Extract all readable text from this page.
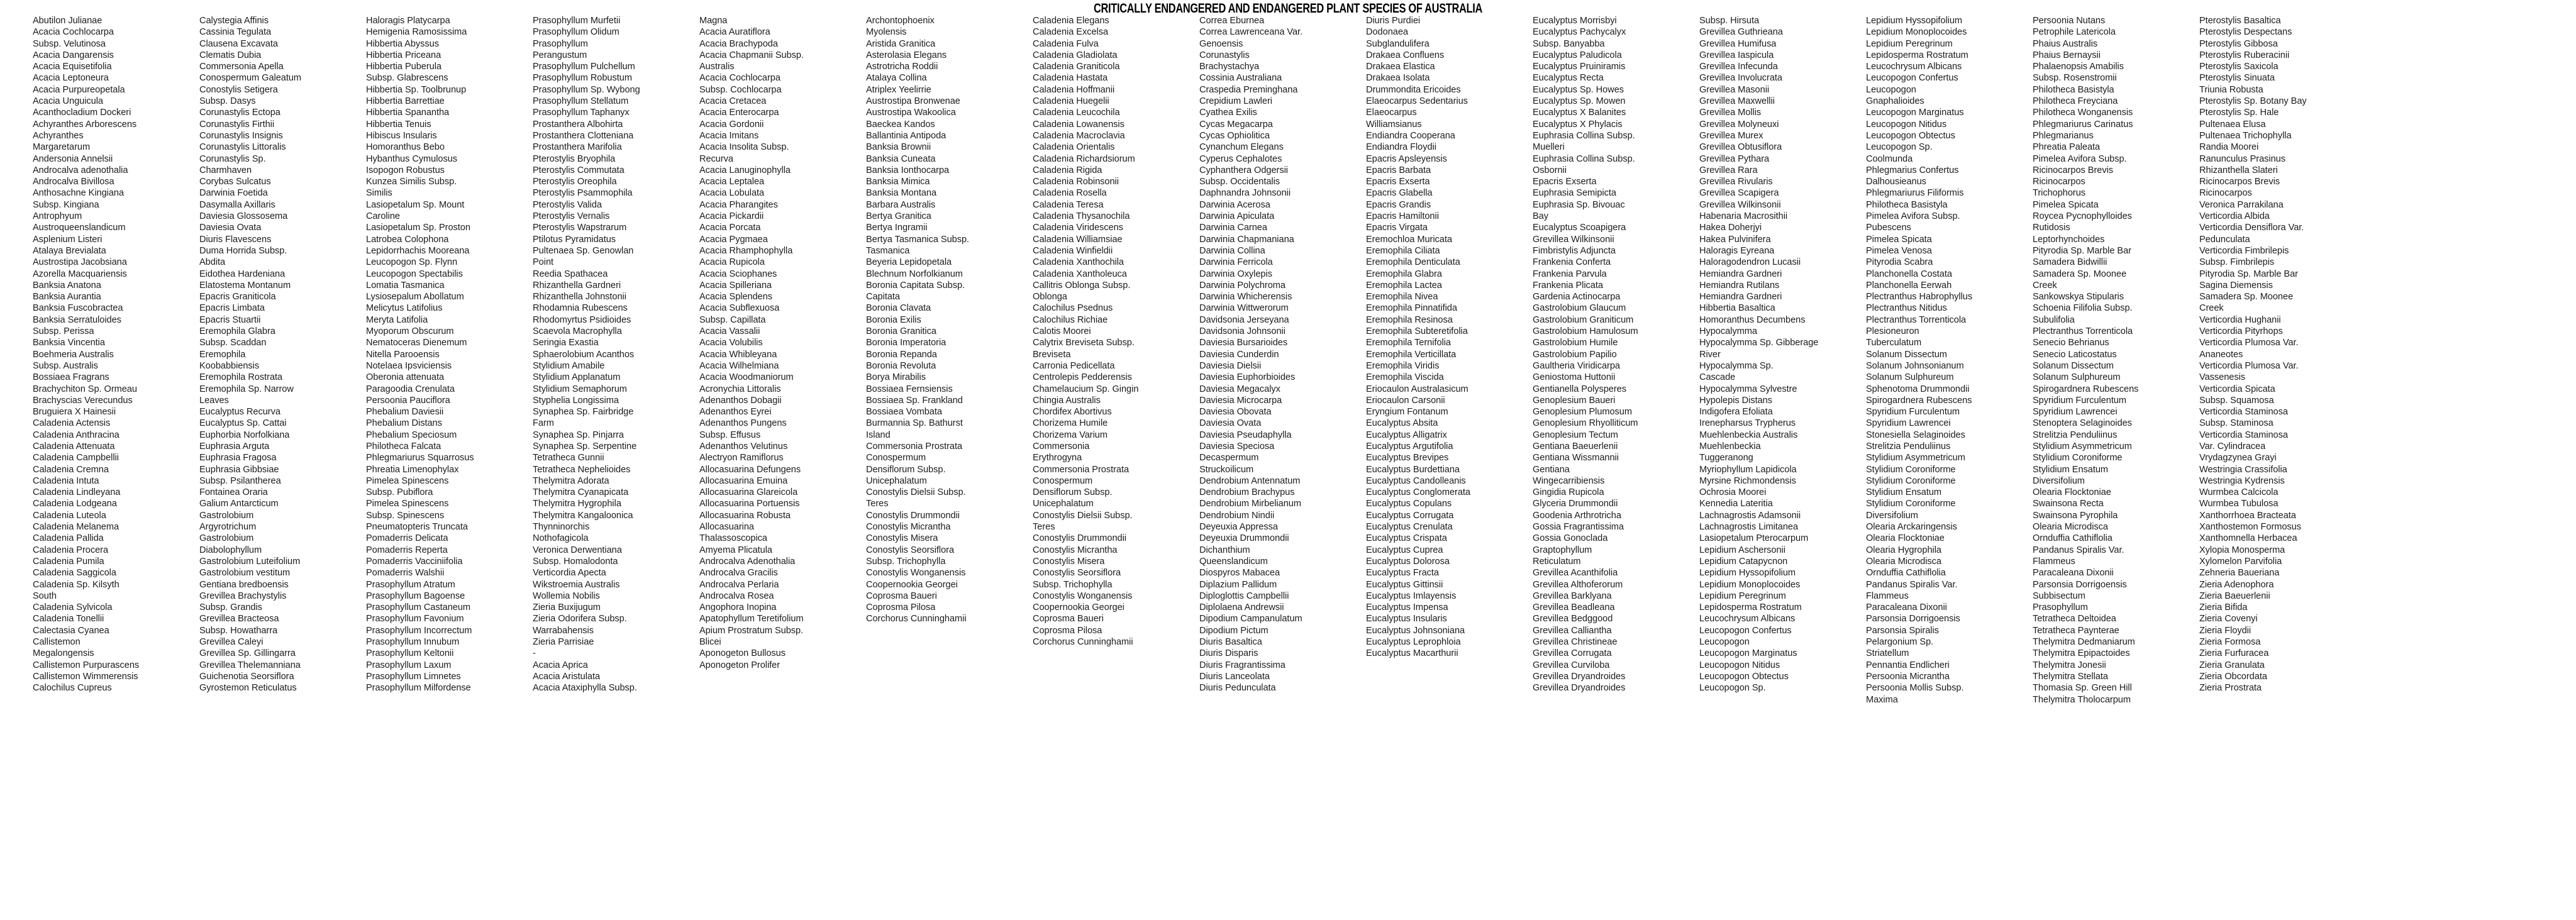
CRITICALLY ENDANGERED AND ENDANGERED PLANT SPECIES OF AUSTRALIA
Abutilon Julianae
Acacia Cochlocarpa
Subsp. Velutinosa
Acacia Dangarensis
Acacia Equisetifolia
Acacia Leptoneura
Acacia Purpureopetala
Acacia Unguicula
Acanthocladium Dockeri
Achyranthes Arborescens
Achyranthes
Margaretarum
Andersonia Annelsii
Androcalva adenothalia
Androcalva Bivillosa
Anthosachne Kingiana
Subsp. Kingiana
Antrophyum
Austroqueenslandicum
Asplenium Listeri
Atalaya Brevialata
Austrostipa Jacobsiana
Azorella Macquariensis
Banksia Anatona
Banksia Aurantia
Banksia Fuscobractea
Banksia Serratuloides
Subsp. Perissa
Banksia Vincentia
Boehmeria Australis
Subsp. Australis
Bossiaea Fragrans
Brachychiton Sp. Ormeau
Brachyscias Verecundus
Bruguiera X Hainesii
Caladenia Actensis
Caladenia Anthracina
Caladenia Attenuata
Caladenia Campbellii
Caladenia Cremna
Caladenia Intuta
Caladenia Lindleyana
Caladenia Lodgeana
Caladenia Luteola
Caladenia Melanema
Caladenia Pallida
Caladenia Procera
Caladenia Pumila
Caladenia Saggicola
Caladenia Sp. Kilsyth
South
Caladenia Sylvicola
Caladenia Tonellii
Calectasia Cyanea
Callistemon
Megalongensis
Callistemon Purpurascens
Callistemon Wimmerensis
Calochilus Cupreus
Calystegia Affinis
Cassinia Tegulata
Clausena Excavata
Clematis Dubia
Commersonia Apella
Conospermum Galeatum
Conostylis Setigera
Subsp. Dasys
Corunastylis Ectopa
Corunastylis Firthii
Corunastylis Insignis
Corunastylis Littoralis
Corunastylis Sp.
Charmhaven
Corybas Sulcatus
Darwinia Foetida
Dasymalla Axillaris
Daviesia Glossosema
Daviesia Ovata
Diuris Flavescens
Duma Horrida Subsp.
Abdita
Eidothea Hardeniana
Elatostema Montanum
Epacris Graniticola
Epacris Limbata
Epacris Stuartii
Eremophila Glabra
Subsp. Scaddan
Eremophila
Koobabbiensis
Eremophila Rostrata
Eremophila Sp. Narrow
Leaves
Eucalyptus Recurva
Eucalyptus Sp. Cattai
Euphorbia Norfolkiana
Euphrasia Arguta
Euphrasia Fragosa
Euphrasia Gibbsiae
Subsp. Psilantherea
Fontainea Oraria
Galium Antarcticum
Gastrolobium
Argyrotrichum
Gastrolobium
Diabolophyllum
Gastrolobium Luteifolium
Gastrolobium vestitum
Gentiana bredboensis
Grevillea Brachystylis
Subsp. Grandis
Grevillea Bracteosa
Subsp. Howatharra
Grevillea Caleyi
Grevillea Sp. Gillingarra
Grevillea Thelemanniana
Guichenotia Seorsiflora
Gyrostemon Reticulatus
Haloragis Platycarpa
Hemigenia Ramosissima
Hibbertia Abyssus
Hibbertia Priceana
Hibbertia Puberula
Subsp. Glabrescens
Hibbertia Sp. Toolbrunup
Hibbertia Barrettiae
Hibbertia Spanantha
Hibbertia Tenuis
Hibiscus Insularis
Homoranthus Bebo
Hybanthus Cymulosus
Isopogon Robustus
Kunzea Similis Subsp.
Similis
Lasiopetalum Sp. Mount
Caroline
Lasiopetalum Sp. Proston
Latrobea Colophona
Lepidorrhachis Mooreana
Leucopogon Sp. Flynn
Leucopogon Spectabilis
Lomatia Tasmanica
Lysiosepalum Abollatum
Melicytus Latifolius
Meryta Latifolia
Myoporum Obscurum
Nematoceras Dienemum
Nitella Parooensis
Notelaea Ipsviciensis
Oberonia attenuata
Paragoodia Crenulata
Persoonia Pauciflora
Phebalium Daviesii
Phebalium Distans
Phebalium Speciosum
Philotheca Falcata
Phlegmariurus Squarrosus
Phreatia Limenophylax
Pimelea Spinescens
Subsp. Pubiflora
Pimelea Spinescens
Subsp. Spinescens
Pneumatopteris Truncata
Pomaderris Delicata
Pomaderris Reperta
Pomaderris Vacciniifolia
Pomaderris Walshii
Prasophyllum Atratum
Prasophyllum Bagoense
Prasophyllum Castaneum
Prasophyllum Favonium
Prasophyllum Incorrectum
Prasophyllum Innubum
Prasophyllum Keltonii
Prasophyllum Laxum
Prasophyllum Limnetes
Prasophyllum Milfordense
Prasophyllum Murfetii
Prasophyllum Olidum
Prasophyllum
Perangustum
Prasophyllum Pulchellum
Prasophyllum Robustum
Prasophyllum Sp. Wybong
Prasophyllum Stellatum
Prasophyllum Taphanyx
Prostanthera Albohirta
Prostanthera Clotteniana
Prostanthera Marifolia
Pterostylis Bryophila
Pterostylis Commutata
Pterostylis Oreophila
Pterostylis Psammophila
Pterostylis Valida
Pterostylis Vernalis
Pterostylis Wapstrarum
Ptilotus Pyramidatus
Pultenaea Sp. Genowlan
Point
Reedia Spathacea
Rhizanthella Gardneri
Rhizanthella Johnstonii
Rhodamnia Rubescens
Rhodomyrtus Psidioides
Scaevola Macrophylla
Seringia Exastia
Sphaerolobium Acanthos
Stylidium Amabile
Stylidium Applanatum
Stylidium Semaphorum
Styphelia Longissima
Synaphea Sp. Fairbridge
Farm
Synaphea Sp. Pinjarra
Synaphea Sp. Serpentine
Tetratheca Gunnii
Tetratheca Nephelioides
Thelymitra Adorata
Thelymitra Cyanapicata
Thelymitra Hygrophila
Thelymitra Kangaloonica
Thynninorchis
Nothofagicola
Veronica Derwentiana
Subsp. Homalodonta
Verticordia Apecta
Wikstroemia Australis
Wollemia Nobilis
Zieria Buxijugum
Zieria Odorifera Subsp.
Warrabahensis
Zieria Parrisiae
-
Acacia Aprica
Acacia Aristulata
Acacia Ataxiphylla Subsp.
Magna
Acacia Auratiflora
Acacia Brachypoda
Acacia Chapmanii Subsp.
Australis
Acacia Cochlocarpa
Subsp. Cochlocarpa
Acacia Cretacea
Acacia Enterocarpa
Acacia Gordonii
Acacia Imitans
Acacia Insolita Subsp.
Recurva
Acacia Lanuginophylla
Acacia Leptalea
Acacia Lobulata
Acacia Pharangites
Acacia Pickardii
Acacia Porcata
Acacia Pygmaea
Acacia Rhamphophylla
Acacia Rupicola
Acacia Sciophanes
Acacia Spilleriana
Acacia Splendens
Acacia Subflexuosa
Subsp. Capillata
Acacia Vassalii
Acacia Volubilis
Acacia Whibleyana
Acacia Wilhelmiana
Acacia Woodmaniorum
Acronychia Littoralis
Adenanthos Dobagii
Adenanthos Eyrei
Adenanthos Pungens
Subsp. Effusus
Adenanthos Velutinus
Alectryon Ramiflorus
Allocasuarina Defungens
Allocasuarina Emuina
Allocasuarina Glareicola
Allocasuarina Portuensis
Allocasuarina Robusta
Allocasuarina
Thalassoscopica
Amyema Plicatula
Androcalva Adenothalia
Androcalva Gracilis
Androcalva Perlaria
Androcalva Rosea
Angophora Inopina
Apatophyllum Teretifolium
Apium Prostratum Subsp.
Blicei
Aponogeton Bullosus
Aponogeton Prolifer
Archontophoenix
Myolensis
Aristida Granitica
Asterolasia Elegans
Astrotricha Roddii
Atalaya Collina
Atriplex Yeelirrie
Austrostipa Bronwenae
Austrostipa Wakoolica
Baeckea Kandos
Ballantinia Antipoda
Banksia Brownii
Banksia Cuneata
Banksia Ionthocarpa
Banksia Mimica
Banksia Montana
Barbara Australis
Bertya Granitica
Bertya Ingramii
Bertya Tasmanica Subsp.
Tasmanica
Beyeria Lepidopetala
Blechnum Norfolkianum
Boronia Capitata Subsp.
Capitata
Boronia Clavata
Boronia Exilis
Boronia Granitica
Boronia Imperatoria
Boronia Repanda
Boronia Revoluta
Borya Mirabilis
Bossiaea Fernsiensis
Bossiaea Sp. Frankland
Bossiaea Vombata
Burmannia Sp. Bathurst
Island
Commersonia Prostrata
Conospermum
Densiflorum Subsp.
Unicephalatum
Conostylis Dielsii Subsp.
Teres
Conostylis Drummondii
Conostylis Micrantha
Conostylis Misera
Conostylis Seorsiflora
Subsp. Trichophylla
Conostylis Wonganensis
Coopernookia Georgei
Coprosma Baueri
Coprosma Pilosa
Corchorus Cunninghamii
Caladenia Elegans
Caladenia Excelsa
Caladenia Fulva
Caladenia Gladiolata
Caladenia Graniticola
Caladenia Hastata
Caladenia Hoffmanii
Caladenia Huegelii
Caladenia Leucochila
Caladenia Lowanensis
Caladenia Macroclavia
Caladenia Orientalis
Caladenia Richardsiorum
Caladenia Rigida
Caladenia Robinsonii
Caladenia Rosella
Caladenia Teresa
Caladenia Thysanochila
Caladenia Viridescens
Caladenia Williamsiae
Caladenia Winfieldii
Caladenia Xanthochila
Caladenia Xantholeuca
Callitris Oblonga Subsp.
Oblonga
Calochilus Psednus
Calochilus Richiae
Calotis Moorei
Calytrix Breviseta Subsp.
Breviseta
Carronia Pedicellata
Centrolepis Pedderensis
Chamelaucium Sp. Gingin
Chingia Australis
Chordifex Abortivus
Chorizema Humile
Chorizema Varium
Commersonia
Erythrogyna
Commersonia Prostrata
Conospermum
Densiflorum Subsp.
Unicephalatum
Conostylis Dielsii Subsp.
Teres
Conostylis Drummondii
Conostylis Micrantha
Conostylis Misera
Conostylis Seorsiflora
Subsp. Trichophylla
Conostylis Wonganensis
Coopernookia Georgei
Coprosma Baueri
Coprosma Pilosa
Corchorus Cunninghamii
Correa Eburnea
Correa Lawrenceana Var.
Genoensis
Corunastylis
Brachystachya
Cossinia Australiana
Craspedia Preminghana
Crepidium Lawleri
Cyathea Exilis
Cycas Megacarpa
Cycas Ophiolitica
Cynanchum Elegans
Cyperus Cephalotes
Cyphanthera Odgersii
Subsp. Occidentalis
Daphnandra Johnsonii
Darwinia Acerosa
Darwinia Apiculata
Darwinia Carnea
Darwinia Chapmaniana
Darwinia Collina
Darwinia Ferricola
Darwinia Oxylepis
Darwinia Polychroma
Darwinia Whicherensis
Darwinia Wittwerorum
Davidsonia Jerseyana
Davidsonia Johnsonii
Daviesia Bursarioides
Daviesia Cunderdin
Daviesia Dielsii
Daviesia Euphorbioides
Daviesia Megacalyx
Daviesia Microcarpa
Daviesia Obovata
Daviesia Ovata
Daviesia Pseudaphylla
Daviesia Speciosa
Decaspermum
Struckoilicum
Dendrobium Antennatum
Dendrobium Brachypus
Dendrobium Mirbelianum
Dendrobium Nindii
Deyeuxia Appressa
Deyeuxia Drummondii
Dichanthium
Queenslandicum
Diospyros Mabacea
Diplazium Pallidum
Diploglottis Campbellii
Diplolaena Andrewsii
Dipodium Campanulatum
Dipodium Pictum
Diuris Basaltica
Diuris Disparis
Diuris Fragrantissima
Diuris Lanceolata
Diuris Pedunculata
Diuris Purdiei
Dodonaea
Subglandulifera
Drakaea Confluens
Drakaea Elastica
Drakaea Isolata
Drummondita Ericoides
Elaeocarpus Sedentarius
Elaeocarpus
Williamsianus
Endiandra Cooperana
Endiandra Floydii
Epacris Apsleyensis
Epacris Barbata
Epacris Exserta
Epacris Glabella
Epacris Grandis
Epacris Hamiltonii
Epacris Virgata
Eremochloa Muricata
Eremophila Ciliata
Eremophila Denticulata
Eremophila Glabra
Eremophila Lactea
Eremophila Nivea
Eremophila Pinnatifida
Eremophila Resinosa
Eremophila Subteretifolia
Eremophila Ternifolia
Eremophila Verticillata
Eremophila Viridis
Eremophila Viscida
Eriocaulon Australasicum
Eriocaulon Carsonii
Eryngium Fontanum
Eucalyptus Absita
Eucalyptus Alligatrix
Eucalyptus Argutifolia
Eucalyptus Brevipes
Eucalyptus Burdettiana
Eucalyptus Candolleanis
Eucalyptus Conglomerata
Eucalyptus Copulans
Eucalyptus Corrugata
Eucalyptus Crenulata
Eucalyptus Crispata
Eucalyptus Cuprea
Eucalyptus Dolorosa
Eucalyptus Fracta
Eucalyptus Gittinsii
Eucalyptus Imlayensis
Eucalyptus Impensa
Eucalyptus Insularis
Eucalyptus Johnsoniana
Eucalyptus Leprophloia
Eucalyptus Macarthurii
Eucalyptus Morrisbyi
Eucalyptus Pachycalyx
Subsp. Banyabba
Eucalyptus Paludicola
Eucalyptus Pruiniramis
Eucalyptus Recta
Eucalyptus Sp. Howes
Eucalyptus Sp. Mowen
Eucalyptus X Balanites
Eucalyptus X Phylacis
Euphrasia Collina Subsp.
Muelleri
Euphrasia Collina Subsp.
Osbornii
Epacris Exserta
Euphrasia Semipicta
Euphrasia Sp. Bivouac
Bay
Eucalyptus Scoapigera
Grevillea Wilkinsonii
Fimbristylis Adjuncta
Frankenia Conferta
Frankenia Parvula
Frankenia Plicata
Gardenia Actinocarpa
Gastrolobium Glaucum
Gastrolobium Graniticum
Gastrolobium Hamulosum
Gastrolobium Humile
Gastrolobium Papilio
Gaultheria Viridicarpa
Geniostoma Huttonii
Gentianella Polysperes
Genoplesium Baueri
Genoplesium Plumosum
Genoplesium Rhyolliticum
Genoplesium Tectum
Gentiana Baeuerlenii
Gentiana Wissmannii
Gentiana
Wingecarribiensis
Gingidia Rupicola
Glyceria Drummondii
Goodenia Arthrotricha
Gossia Fragrantissima
Gossia Gonoclada
Graptophyllum
Reticulatum
Grevillea Acanthifolia
Grevillea Althoferorum
Grevillea Barklyana
Grevillea Beadleana
Grevillea Bedggood
Grevillea Calliantha
Grevillea Christineae
Grevillea Corrugata
Grevillea Curviloba
Grevillea Dryandroides
Grevillea Dryandroides
Subsp. Hirsuta
Grevillea Guthrieana
Grevillea Humifusa
Grevillea Iaspicula
Grevillea Infecunda
Grevillea Involucrata
Grevillea Masonii
Grevillea Maxwellii
Grevillea Mollis
Grevillea Molyneuxi
Grevillea Murex
Grevillea Obtusiflora
Grevillea Pythara
Grevillea Rara
Grevillea Rivularis
Grevillea Scapigera
Grevillea Wilkinsonii
Habenaria Macrosithii
Hakea Doherjyi
Hakea Pulvinifera
Haloragis Eyreana
Haloragodendron Lucasii
Hemiandra Gardneri
Hemiandra Rutilans
Hemiandra Gardneri
Hibbertia Basaltica
Homoranthus Decumbens
Hypocalymma
Hypocalymma Sp. Gibberage
River
Hypocalymma Sp.
Cascade
Hypocalymma Sylvestre
Hypolepis Distans
Indigofera Efoliata
Irenepharsus Trypherus
Muehlenbeckia Australis
Muehlenbeckia
Tuggeranong
Myriophyllum Lapidicola
Myrsine Richmondensis
Ochrosia Moorei
Kennedia Lateritia
Lachnagrostis Adamsonii
Lachnagrostis Limitanea
Lasiopetalum Pterocarpum
Lepidium Aschersonii
Lepidium Catapycnon
Lepidium Hyssopifolium
Lepidium Monoplocoides
Lepidium Peregrinum
Lepidosperma Rostratum
Leucochrysum Albicans
Leucopogon Confertus
Leucopogon
Leucopogon Marginatus
Leucopogon Nitidus
Leucopogon Obtectus
Leucopogon Sp.
Lepidium Hyssopifolium
Lepidium Monoplocoides
Lepidium Peregrinum
Lepidosperma Rostratum
Leucochrysum Albicans
Leucopogon Confertus
Leucopogon
Gnaphalioides
Leucopogon Marginatus
Leucopogon Nitidus
Leucopogon Obtectus
Leucopogon Sp.
Coolmunda
Phlegmarius Confertus
Dalhousieanus
Phlegmariurus Filiformis
Philotheca Basistyla
Pimelea Avifora Subsp.
Pubescens
Pimelea Spicata
Pimelea Venosa
Pityrodia Scabra
Planchonella Costata
Planchonella Eerwah
Plectranthus Habrophyllus
Plectranthus Nitidus
Plectranthus Torrenticola
Plesioneuron
Tuberculatum
Solanum Dissectum
Solanum Johnsonianum
Solanum Sulphureum
Sphenotoma Drummondii
Spirogardnera Rubescens
Spyridium Furculentum
Spyridium Lawrencei
Stonesiella Selaginoides
Strelitzia Penduliinus
Stylidium Asymmetricum
Stylidium Coroniforme
Stylidium Coroniforme
Stylidium Ensatum
Stylidium Coroniforme
Diversifolium
Olearia Arckaringensis
Olearia Flocktoniae
Olearia Hygrophila
Olearia Microdisca
Ornduffia Cathiflolia
Pandanus Spiralis Var.
Flammeus
Paracaleana Dixonii
Parsonsia Dorrigoensis
Parsonsia Spiralis
Pelargonium Sp.
Striatellum
Pennantia Endlicheri
Persoonia Micrantha
Persoonia Mollis Subsp.
Maxima
Persoonia Nutans
Petrophile Latericola
Phaius Australis
Phaius Bernaysii
Phalaenopsis Amabilis
Subsp. Rosenstromii
Philotheca Basistyla
Philotheca Freyciana
Philotheca Wonganensis
Phlegmariurus Carinatus
Phlegmarianus
Phreatia Paleata
Pimelea Avifora Subsp.
Ricinocarpos Brevis
Ricinocarpos
Trichophorus
Pimelea Spicata
Roycea Pycnophylloides
Rutidosis
Leptorhynchoides
Pityrodia Sp. Marble Bar
Samadera Bidwillii
Samadera Sp. Moonee
Creek
Sankowskya Stipularis
Schoenia Filifolia Subsp.
Subulifolia
Plectranthus Torrenticola
Senecio Behrianus
Senecio Laticostatus
Solanum Dissectum
Solanum Sulphureum
Spirogardnera Rubescens
Spyridium Furculentum
Spyridium Lawrencei
Stenoptera Selaginoides
Strelitzia Penduliinus
Stylidium Asymmetricum
Stylidium Coroniforme
Stylidium Ensatum
Diversifolium
Olearia Flocktoniae
Swainsona Recta
Swainsona Pyrophila
Olearia Microdisca
Ornduffia Cathiflolia
Pandanus Spiralis Var.
Flammeus
Paracaleana Dixonii
Parsonsia Dorrigoensis
Subbisectum
Prasophyllum
Tetratheca Deltoidea
Tetratheca Paynterae
Thelymitra Dedmaniarum
Thelymitra Epipactoides
Thelymitra Jonesii
Thelymitra Stellata
Thomasia Sp. Green Hill
Thelymitra Tholocarpum
Pterostylis Basaltica
Pterostylis Despectans
Pterostylis Gibbosa
Pterostylis Ruberacinii
Pterostylis Saxicola
Pterostylis Sinuata
Triunia Robusta
Pterostylis Sp. Botany Bay
Pterostylis Sp. Hale
Pultenaea Elusa
Pultenaea Trichophylla
Randia Moorei
Ranunculus Prasinus
Rhizanthella Slateri
Ricinocarpos Brevis
Ricinocarpos
Veronica Parrakilana
Verticordia Albida
Verticordia Densiflora Var.
Pedunculata
Verticordia Fimbrilepis
Subsp. Fimbrilepis
Pityrodia Sp. Marble Bar
Sagina Diemensis
Samadera Sp. Moonee
Creek
Verticordia Hughanii
Verticordia Pityrhops
Verticordia Plumosa Var.
Ananeotes
Verticordia Plumosa Var.
Vassenesis
Verticordia Spicata
Subsp. Squamosa
Verticordia Staminosa
Subsp. Staminosa
Verticordia Staminosa
Var. Cylindracea
Vrydagzynea Grayi
Westringia Crassifolia
Westringia Kydrensis
Wurmbea Calcicola
Wurmbea Tubulosa
Xanthorrhoea Bracteata
Xanthostemon Formosus
Xanthomnella Herbacea
Xylopia Monosperma
Xylomelon Parvifolia
Zehneria Baueriana
Zieria Adenophora
Zieria Baeuerlenii
Zieria Bifida
Zieria Covenyi
Zieria Floydii
Zieria Formosa
Zieria Furfuracea
Zieria Granulata
Zieria Obcordata
Zieria Prostrata
